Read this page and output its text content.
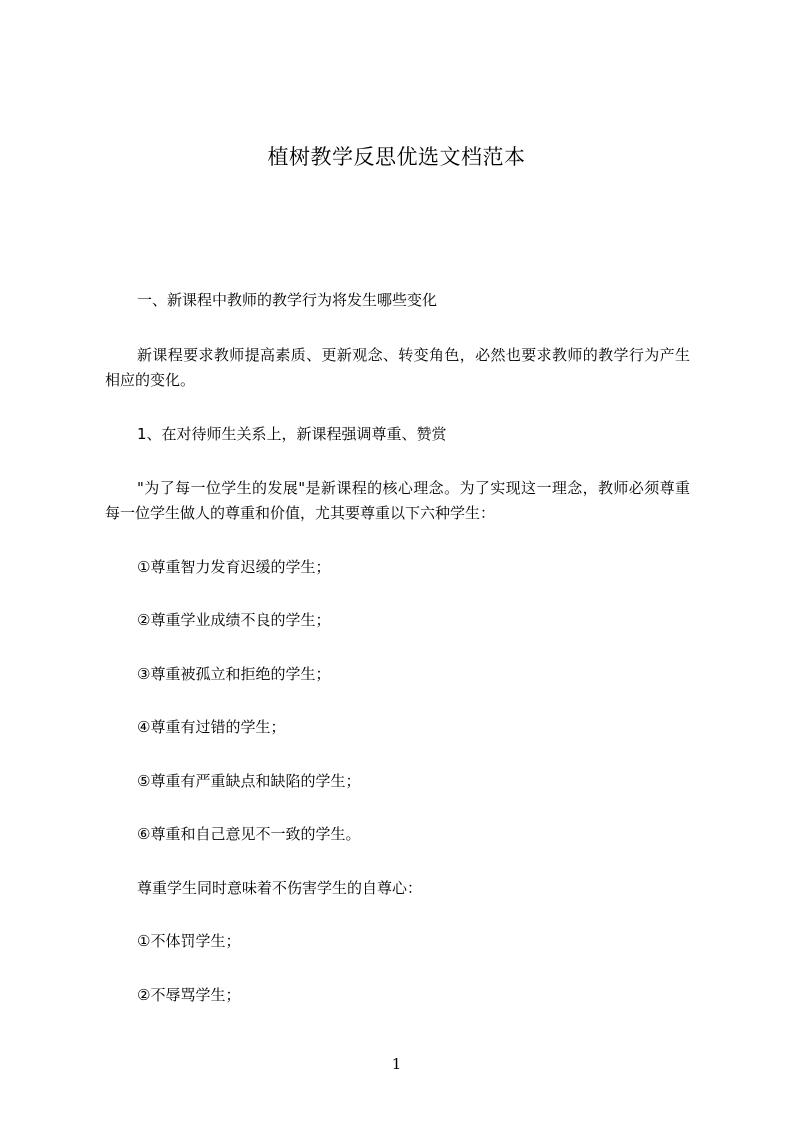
植树教学反思优选文档范本

一、新课程中教师的教学行为将发生哪些变化

新课程要求教师提高素质、更新观念、转变角色，必然也要求教师的教学行为产生相应的变化。

1、在对待师生关系上，新课程强调尊重、赞赏

"为了每一位学生的发展"是新课程的核心理念。为了实现这一理念，教师必须尊重每一位学生做人的尊重和价值，尤其要尊重以下六种学生：

①尊重智力发育迟缓的学生；

②尊重学业成绩不良的学生；

③尊重被孤立和拒绝的学生；

④尊重有过错的学生；

⑤尊重有严重缺点和缺陷的学生；

⑥尊重和自己意见不一致的学生。

尊重学生同时意味着不伤害学生的自尊心：

①不体罚学生；

②不辱骂学生；

1
